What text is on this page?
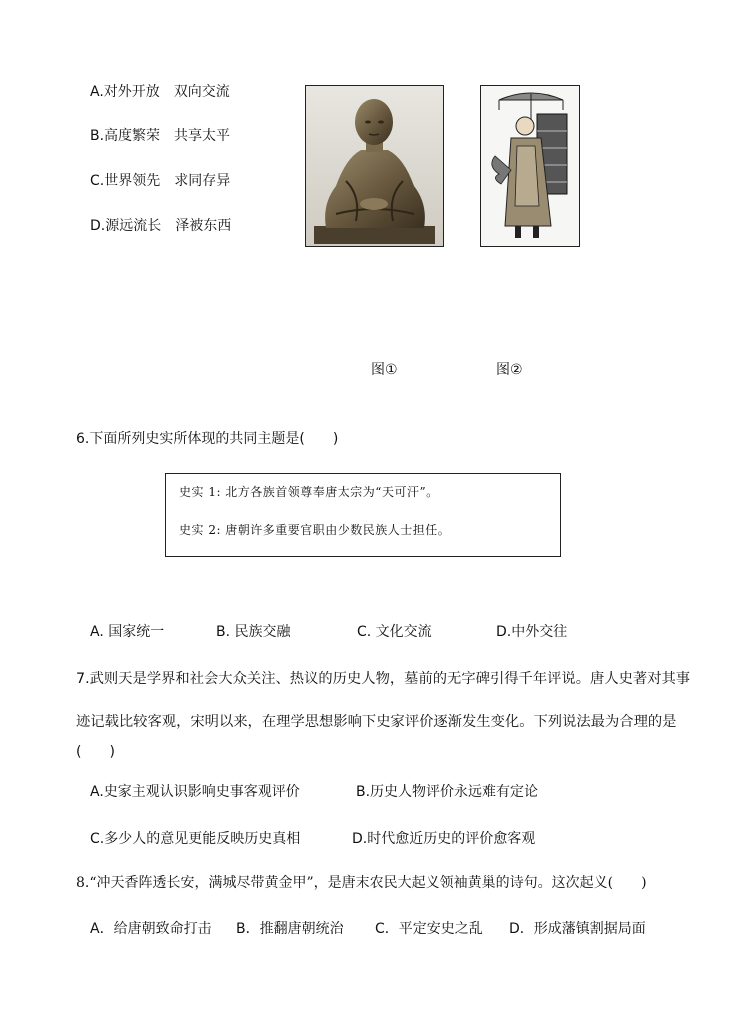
A.对外开放　双向交流
B.高度繁荣　共享太平
C.世界领先　求同存异
D.源远流长　泽被东西
图①	图②
6.下面所列史实所体现的共同主题是(　　)
史实 1: 北方各族首领尊奉唐太宗为“天可汗”。
史实 2: 唐朝许多重要官职由少数民族人士担任。
A. 国家统一	B. 民族交融	C. 文化交流	D.中外交往
7.武则天是学界和社会大众关注、热议的历史人物，墓前的无字碑引得千年评说。唐人史著对其事
迹记载比较客观，宋明以来，在理学思想影响下史家评价逐渐发生变化。下列说法最为合理的是
(　　)
A.史家主观认识影响史事客观评价	B.历史人物评价永远难有定论
C.多少人的意见更能反映历史真相	D.时代愈近历史的评价愈客观
8.“冲天香阵透长安，满城尽带黄金甲”，是唐末农民大起义领袖黄巢的诗句。这次起义(　　)
A．给唐朝致命打击 B．推翻唐朝统治 C．平定安史之乱 D．形成藩镇割据局面
